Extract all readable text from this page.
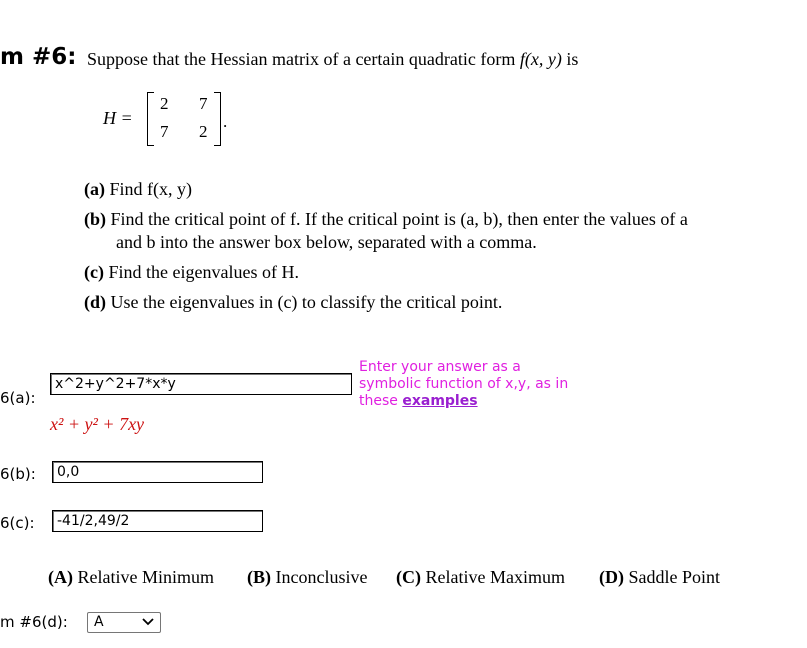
m #6: Suppose that the Hessian matrix of a certain quadratic form f(x, y) is
H =
2 7
7 2
.
(a) Find f(x, y)
(b) Find the critical point of f. If the critical point is (a, b), then enter the values of a
and b into the answer box below, separated with a comma.
(c) Find the eigenvalues of H.
(d) Use the eigenvalues in (c) to classify the critical point.
6(a):
x^2+y^2+7*x*y
x² + y² + 7xy
Enter your answer as a
symbolic function of x,y, as in
these examples
6(b):	0,0
6(c):	-41/2,49/2
(A) Relative Minimum (B) Inconclusive (C) Relative Maximum (D) Saddle Point
m #6(d):	A
